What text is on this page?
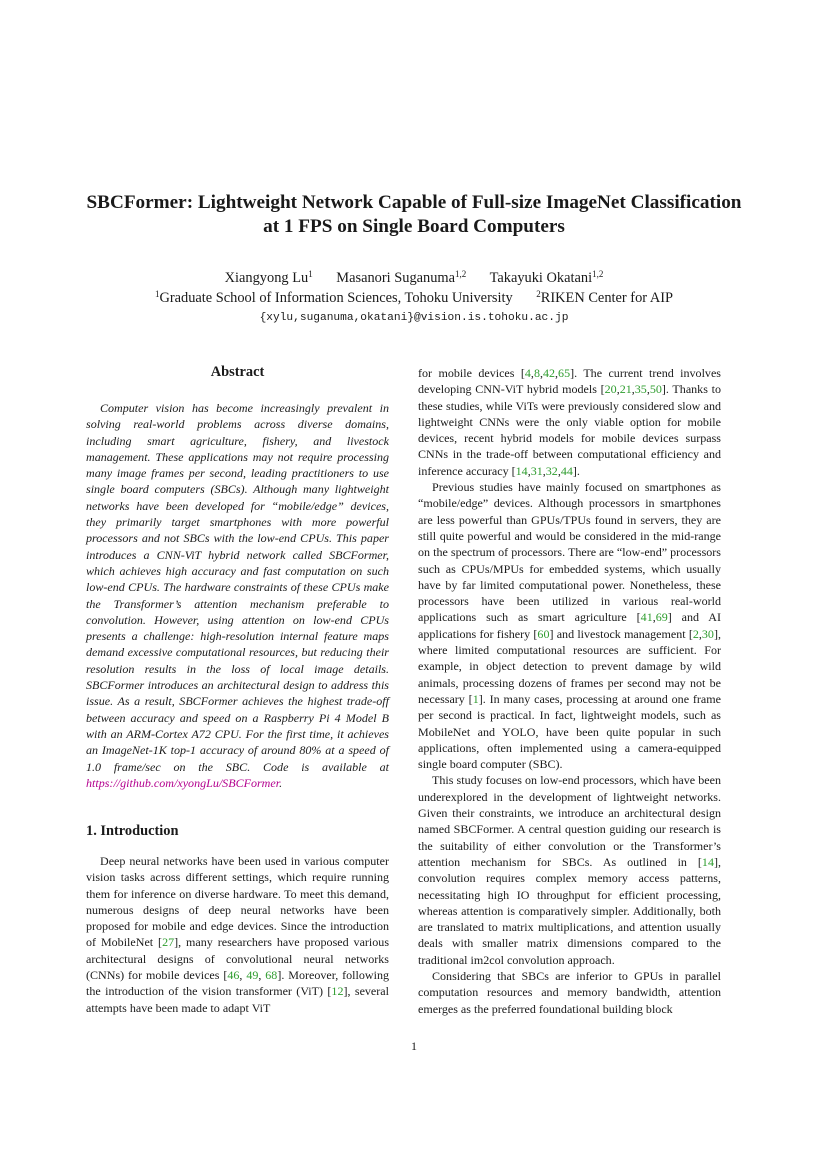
SBCFormer: Lightweight Network Capable of Full-size ImageNet Classification
at 1 FPS on Single Board Computers
Xiangyong Lu$^1$ Masanori Suganuma$^{1,2}$ Takayuki Okatani$^{1,2}$
$^1$Graduate School of Information Sciences, Tohoku University	$^2$RIKEN Center for AIP
{xylu,suganuma,okatani}@vision.is.tohoku.ac.jp
Abstract

Computer vision has become increasingly prevalent in solving real-world problems across diverse domains, including smart agriculture, fishery, and livestock management. These applications may not require processing many image frames per second, leading practitioners to use single board computers (SBCs). Although many lightweight networks have been developed for “mobile/edge” devices, they primarily target smartphones with more powerful processors and not SBCs with the low-end CPUs. This paper introduces a CNN-ViT hybrid network called SBCFormer, which achieves high accuracy and fast computation on such low-end CPUs. The hardware constraints of these CPUs make the Transformer’s attention mechanism preferable to convolution. However, using attention on low-end CPUs presents a challenge: high-resolution internal feature maps demand excessive computational resources, but reducing their resolution results in the loss of local image details. SBCFormer introduces an architectural design to address this issue. As a result, SBCFormer achieves the highest trade-off between accuracy and speed on a Raspberry Pi 4 Model B with an ARM-Cortex A72 CPU. For the first time, it achieves an ImageNet-1K top-1 accuracy of around 80% at a speed of 1.0 frame/sec on the SBC. Code is available at https://github.com/xyongLu/SBCFormer.

1. Introduction

Deep neural networks have been used in various computer vision tasks across different settings, which require running them for inference on diverse hardware. To meet this demand, numerous designs of deep neural networks have been proposed for mobile and edge devices. Since the introduction of MobileNet [27], many researchers have proposed various architectural designs of convolutional neural networks (CNNs) for mobile devices [46, 49, 68]. Moreover, following the introduction of the vision transformer (ViT) [12], several attempts have been made to adapt ViT

for mobile devices [4,8,42,65]. The current trend involves developing CNN-ViT hybrid models [20,21,35,50]. Thanks to these studies, while ViTs were previously considered slow and lightweight CNNs were the only viable option for mobile devices, recent hybrid models for mobile devices surpass CNNs in the trade-off between computational efficiency and inference accuracy [14,31,32,44].

Previous studies have mainly focused on smartphones as “mobile/edge” devices. Although processors in smartphones are less powerful than GPUs/TPUs found in servers, they are still quite powerful and would be considered in the mid-range on the spectrum of processors. There are “low-end” processors such as CPUs/MPUs for embedded systems, which usually have by far limited computational power. Nonetheless, these processors have been utilized in various real-world applications such as smart agriculture [41,69] and AI applications for fishery [60] and livestock management [2,30], where limited computational resources are sufficient. For example, in object detection to prevent damage by wild animals, processing dozens of frames per second may not be necessary [1]. In many cases, processing at around one frame per second is practical. In fact, lightweight models, such as MobileNet and YOLO, have been quite popular in such applications, often implemented using a camera-equipped single board computer (SBC).

This study focuses on low-end processors, which have been underexplored in the development of lightweight networks. Given their constraints, we introduce an architectural design named SBCFormer. A central question guiding our research is the suitability of either convolution or the Transformer’s attention mechanism for SBCs. As outlined in [14], convolution requires complex memory access patterns, necessitating high IO throughput for efficient processing, whereas attention is comparatively simpler. Additionally, both are translated to matrix multiplications, and attention usually deals with smaller matrix dimensions compared to the traditional im2col convolution approach.

Considering that SBCs are inferior to GPUs in parallel computation resources and memory bandwidth, attention emerges as the preferred foundational building block

1
